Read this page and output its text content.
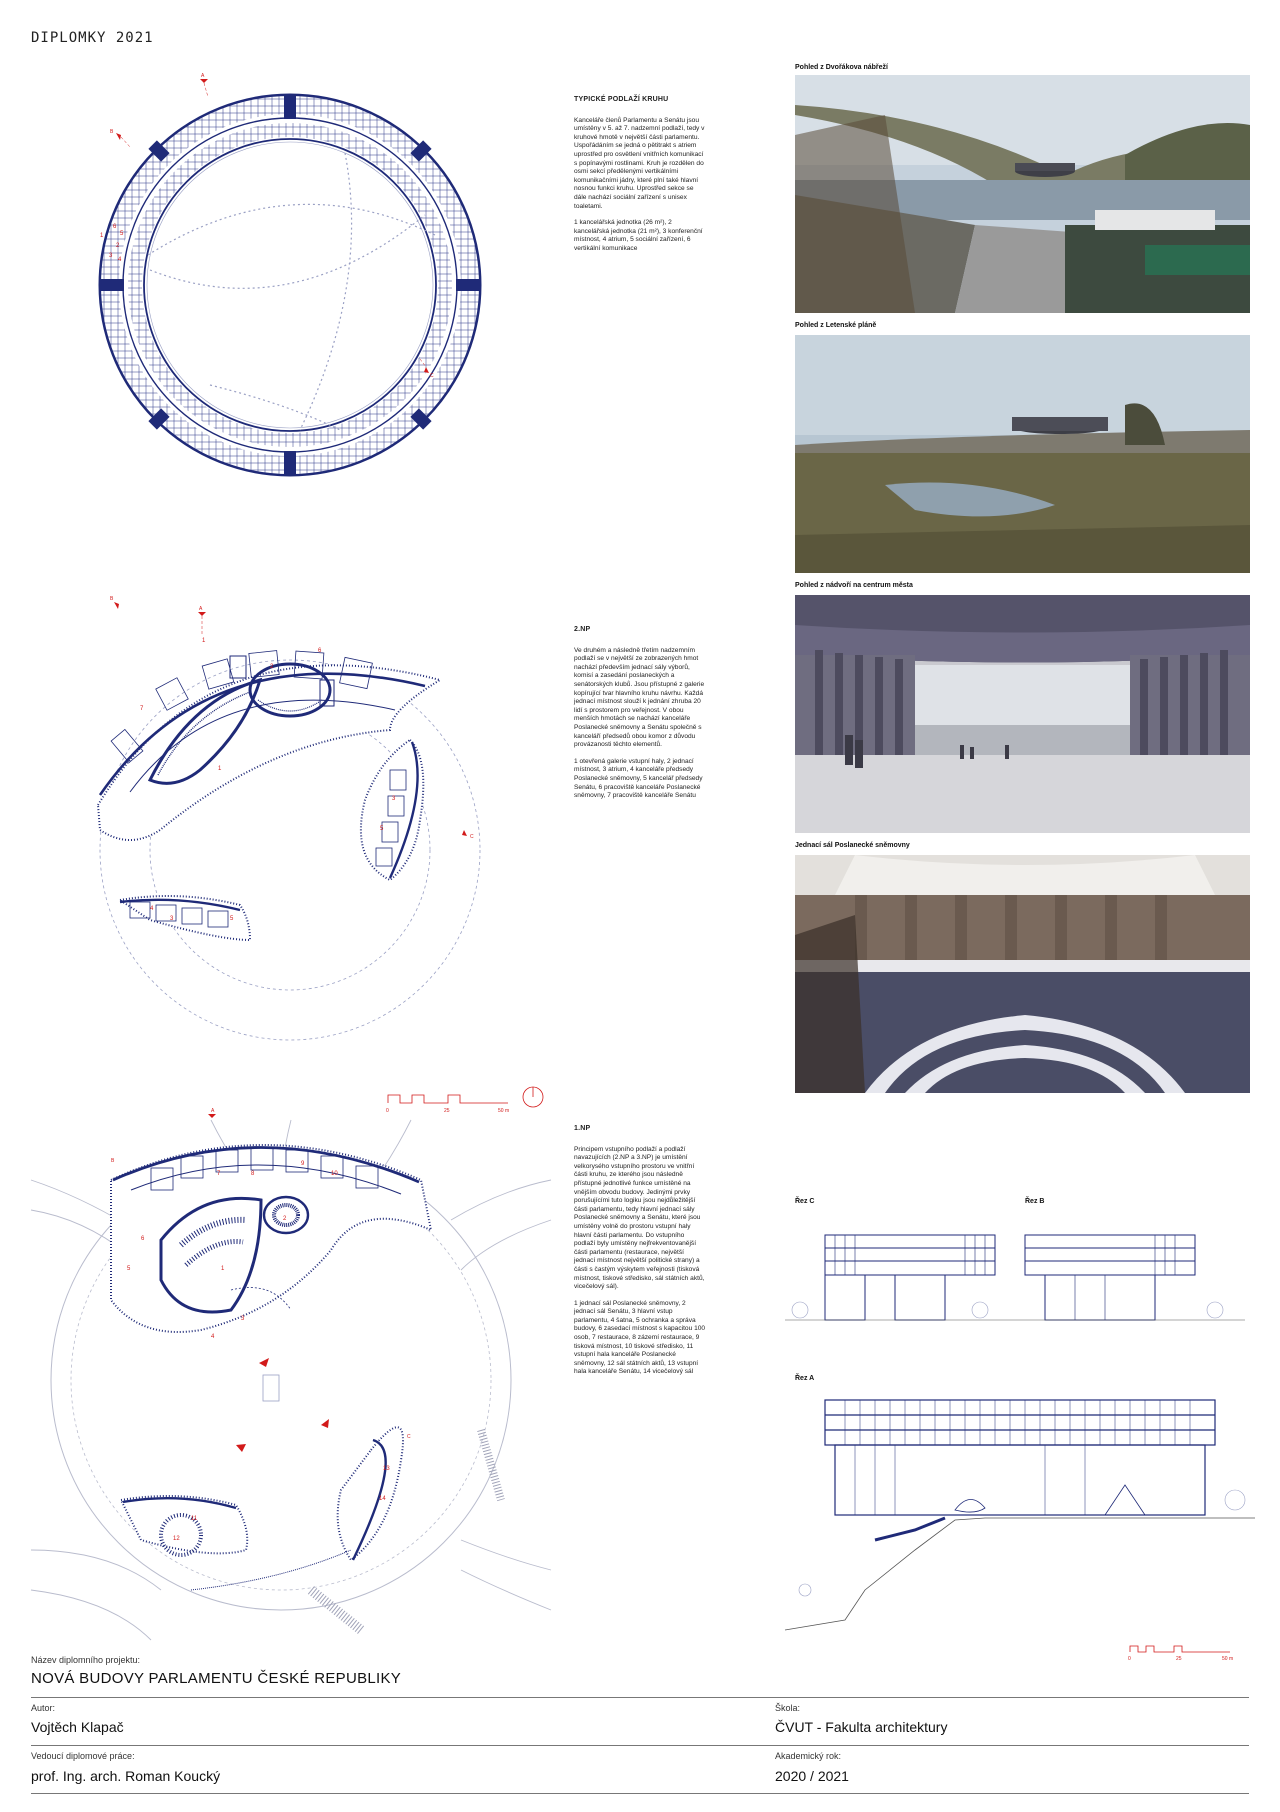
DIPLOMKY 2021
A
B
C
1
6
5
2
3
4
TYPICKÉ PODLAŽÍ KRUHU

Kanceláře členů Parlamentu a Senátu jsou umístěny v 5. až 7. nadzemní podlaží, tedy v kruhové hmotě v největší části parlamentu. Uspořádáním se jedná o pětitrakt s atriem uprostřed pro osvětlení vnitřních komunikací s popínavými rostlinami. Kruh je rozdělen do osmi sekcí předělenými vertikálními komunikačními jádry, které plní také hlavní nosnou funkci kruhu. Uprostřed sekce se dále nachází sociální zařízení s unisex toaletami.

1 kancelářská jednotka (26 m²), 2 kancelářská jednotka (21 m²), 3 konferenční místnost, 4 atrium, 5 sociální zařízení, 6 vertikální komunikace

A
B
C
1
7
2
6
1
3
4
5
3
5
2.NP

Ve druhém a následně třetím nadzemním podlaží se v největší ze zobrazených hmot nachází především jednací sály výborů, komisí a zasedání poslaneckých a senátorských klubů. Jsou přístupné z galerie kopírující tvar hlavního kruhu návrhu. Každá jednací místnost slouží k jednání zhruba 20 lidí s prostorem pro veřejnost. V obou menších hmotách se nachází kanceláře Poslanecké sněmovny a Senátu společně s kanceláří předsedů obou komor z důvodu provázanosti těchto elementů.

1 otevřená galerie vstupní haly, 2 jednací místnost, 3 atrium, 4 kanceláře předsedy Poslanecké sněmovny, 5 kancelář předsedy Senátu, 6 pracoviště kanceláře Poslanecké sněmovny, 7 pracoviště kanceláře Senátu

0	25	50 m
A
B
C
1
2
3
4
5
6
7	8
9
10
11
12
13
14
1.NP

Principem vstupního podlaží a podlaží navazujících (2.NP a 3.NP) je umístění velkorysého vstupního prostoru ve vnitřní části kruhu, ze kterého jsou následně přístupné jednotlivé funkce umístěné na vnějším obvodu budovy. Jedinými prvky porušujícími tuto logiku jsou nejdůležitější části parlamentu, tedy hlavní jednací sály Poslanecké sněmovny a Senátu, které jsou umístěny volně do prostoru vstupní haly hlavní části parlamentu. Do vstupního podlaží byly umístěny nejfrekventovanější části parlamentu (restaurace, největší jednací místnost největší politické strany) a části s častým výskytem veřejnosti (tisková místnost, tiskové středisko, sál státních aktů, vicečelový sál).

1 jednací sál Poslanecké sněmovny, 2 jednací sál Senátu, 3 hlavní vstup parlamentu, 4 šatna, 5 ochranka a správa budovy, 6 zasedací místnost s kapacitou 100 osob, 7 restaurace, 8 zázemí restaurace, 9 tisková místnost, 10 tiskové středisko, 11 vstupní hala kanceláře Poslanecké sněmovny, 12 sál státních aktů, 13 vstupní hala kanceláře Senátu, 14 vicečelový sál

Pohled z Dvořákova nábřeží
Pohled z Letenské pláně
Pohled z nádvoří na centrum města
Jednací sál Poslanecké sněmovny
Řez C	Řez B
Řez A
0	25	50 m
Název diplomního projektu:
NOVÁ BUDOVY PARLAMENTU ČESKÉ REPUBLIKY
Autor:
Vojtěch Klapač
Škola:
ČVUT - Fakulta architektury
Vedoucí diplomové práce:
prof. Ing. arch. Roman Koucký
Akademický rok:
2020 / 2021
